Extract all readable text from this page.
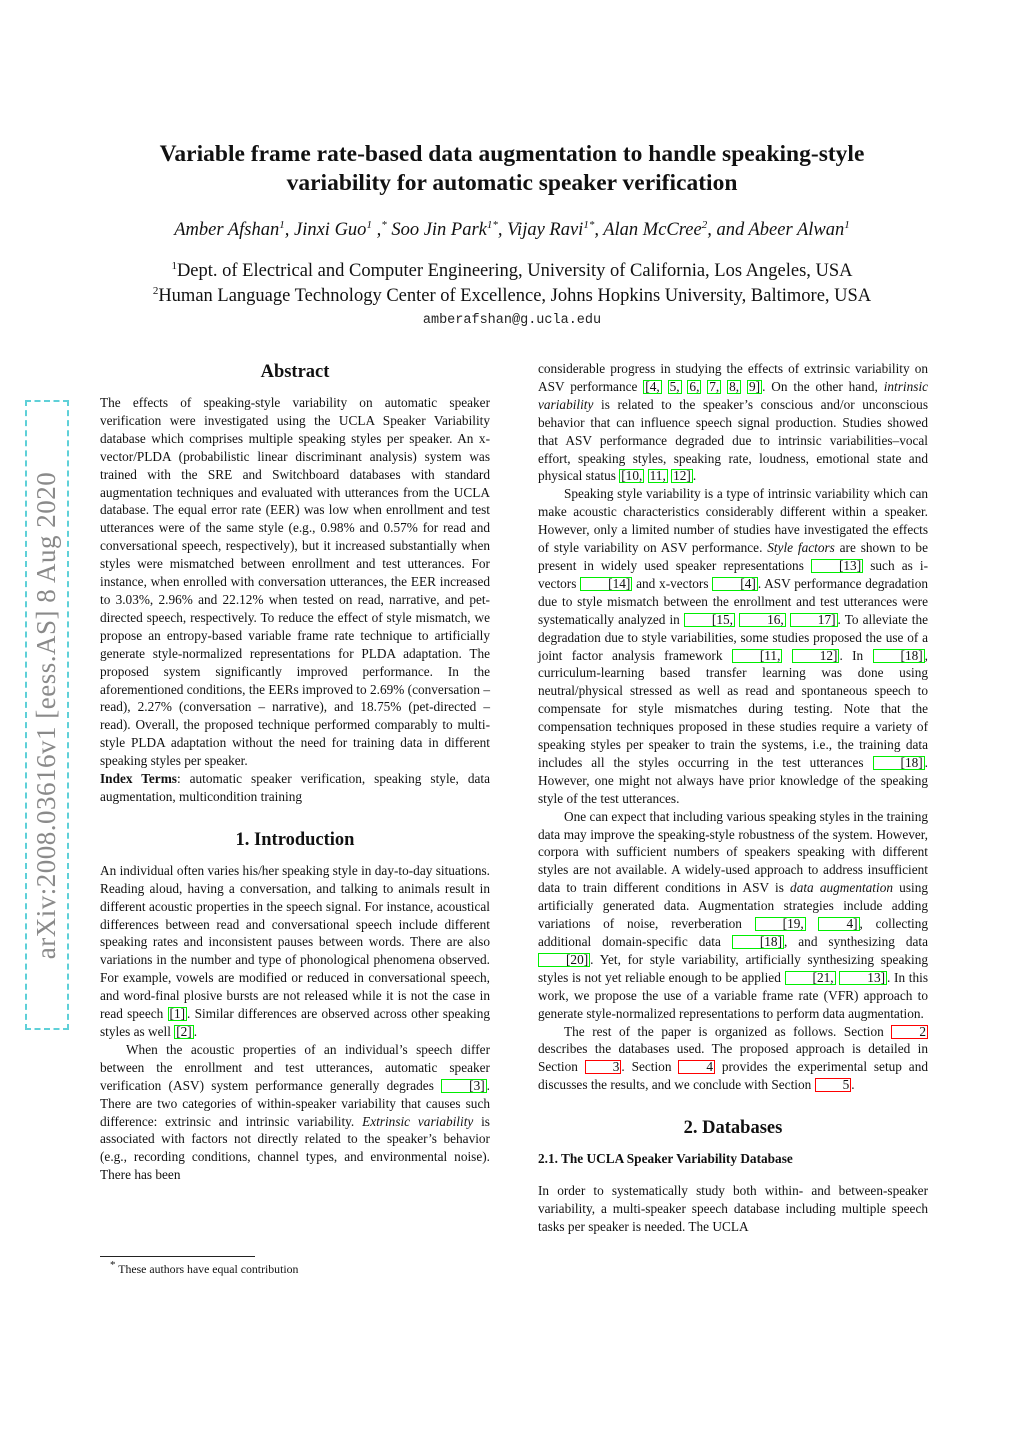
arXiv:2008.03616v1 [eess.AS] 8 Aug 2020
Variable frame rate-based data augmentation to handle speaking-style
variability for automatic speaker verification
Amber Afshan$^1$, Jinxi Guo$^1$ ,* Soo Jin Park$^{1*}$, Vijay Ravi$^{1*}$, Alan McCree$^2$, and Abeer Alwan$^1$
$^1$Dept. of Electrical and Computer Engineering, University of California, Los Angeles, USA
$^2$Human Language Technology Center of Excellence, Johns Hopkins University, Baltimore, USA
amberafshan@g.ucla.edu
Abstract

The effects of speaking-style variability on automatic speaker verification were investigated using the UCLA Speaker Variability database which comprises multiple speaking styles per speaker. An x-vector/PLDA (probabilistic linear discriminant analysis) system was trained with the SRE and Switchboard databases with standard augmentation techniques and evaluated with utterances from the UCLA database. The equal error rate (EER) was low when enrollment and test utterances were of the same style (e.g., 0.98% and 0.57% for read and conversational speech, respectively), but it increased substantially when styles were mismatched between enrollment and test utterances. For instance, when enrolled with conversation utterances, the EER increased to 3.03%, 2.96% and 22.12% when tested on read, narrative, and pet-directed speech, respectively. To reduce the effect of style mismatch, we propose an entropy-based variable frame rate technique to artificially generate style-normalized representations for PLDA adaptation. The proposed system significantly improved performance. In the aforementioned conditions, the EERs improved to 2.69% (conversation – read), 2.27% (conversation – narrative), and 18.75% (pet-directed – read). Overall, the proposed technique performed comparably to multi-style PLDA adaptation without the need for training data in different speaking styles per speaker.

Index Terms: automatic speaker verification, speaking style, data augmentation, multicondition training

1. Introduction

An individual often varies his/her speaking style in day-to-day situations. Reading aloud, having a conversation, and talking to animals result in different acoustic properties in the speech signal. For instance, acoustical differences between read and conversational speech include different speaking rates and inconsistent pauses between words. There are also variations in the number and type of phonological phenomena observed. For example, vowels are modified or reduced in conversational speech, and word-final plosive bursts are not released while it is not the case in read speech [1] . Similar differences are observed across other speaking styles as well [2] .

When the acoustic properties of an individual’s speech differ between the enrollment and test utterances, automatic speaker verification (ASV) system performance generally degrades [3] . There are two categories of within-speaker variability that causes such difference: extrinsic and intrinsic variability. Extrinsic variability is associated with factors not directly related to the speaker’s behavior (e.g., recording conditions, channel types, and environmental noise). There has been

* These authors have equal contribution

considerable progress in studying the effects of extrinsic variability on ASV performance [4, 5, 6, 7, 8, 9] . On the other hand, intrinsic variability is related to the speaker’s conscious and/or unconscious behavior that can influence speech signal production. Studies showed that ASV performance degraded due to intrinsic variabilities–vocal effort, speaking styles, speaking rate, loudness, emotional state and physical status [10, 11, 12] .

Speaking style variability is a type of intrinsic variability which can make acoustic characteristics considerably different within a speaker. However, only a limited number of studies have investigated the effects of style variability on ASV performance. Style factors are shown to be present in widely used speaker representations [13] such as i-vectors [14] and x-vectors [4] . ASV performance degradation due to style mismatch between the enrollment and test utterances were systematically analyzed in [15,	16,	17] . To alleviate the degradation due to style variabilities, some studies proposed the use of a joint factor analysis framework [11,	12] . In [18] , curriculum-learning based transfer learning was done using neutral/physical stressed as well as read and spontaneous speech to compensate for style mismatches during testing. Note that the compensation techniques proposed in these studies require a variety of speaking styles per speaker to train the systems, i.e., the training data includes all the styles occurring in the test utterances [18] . However, one might not always have prior knowledge of the speaking style of the test utterances.

One can expect that including various speaking styles in the training data may improve the speaking-style robustness of the system. However, corpora with sufficient numbers of speakers speaking with different styles are not available. A widely-used approach to address insufficient data to train different conditions in ASV is data augmentation using artificially generated data. Augmentation strategies include adding variations of noise, reverberation [19,	4] , collecting additional domain-specific data [18] , and synthesizing data [20] . Yet, for style variability, artificially synthesizing speaking styles is not yet reliable enough to be applied [21,	13] . In this work, we propose the use of a variable frame rate (VFR) approach to generate style-normalized representations to perform data augmentation.

The rest of the paper is organized as follows. Section 2 describes the databases used. The proposed approach is detailed in Section 3 . Section 4 provides the experimental setup and discusses the results, and we conclude with Section 5 .

2. Databases
2.1. The UCLA Speaker Variability Database

In order to systematically study both within- and between-speaker variability, a multi-speaker speech database including multiple speech tasks per speaker is needed. The UCLA
